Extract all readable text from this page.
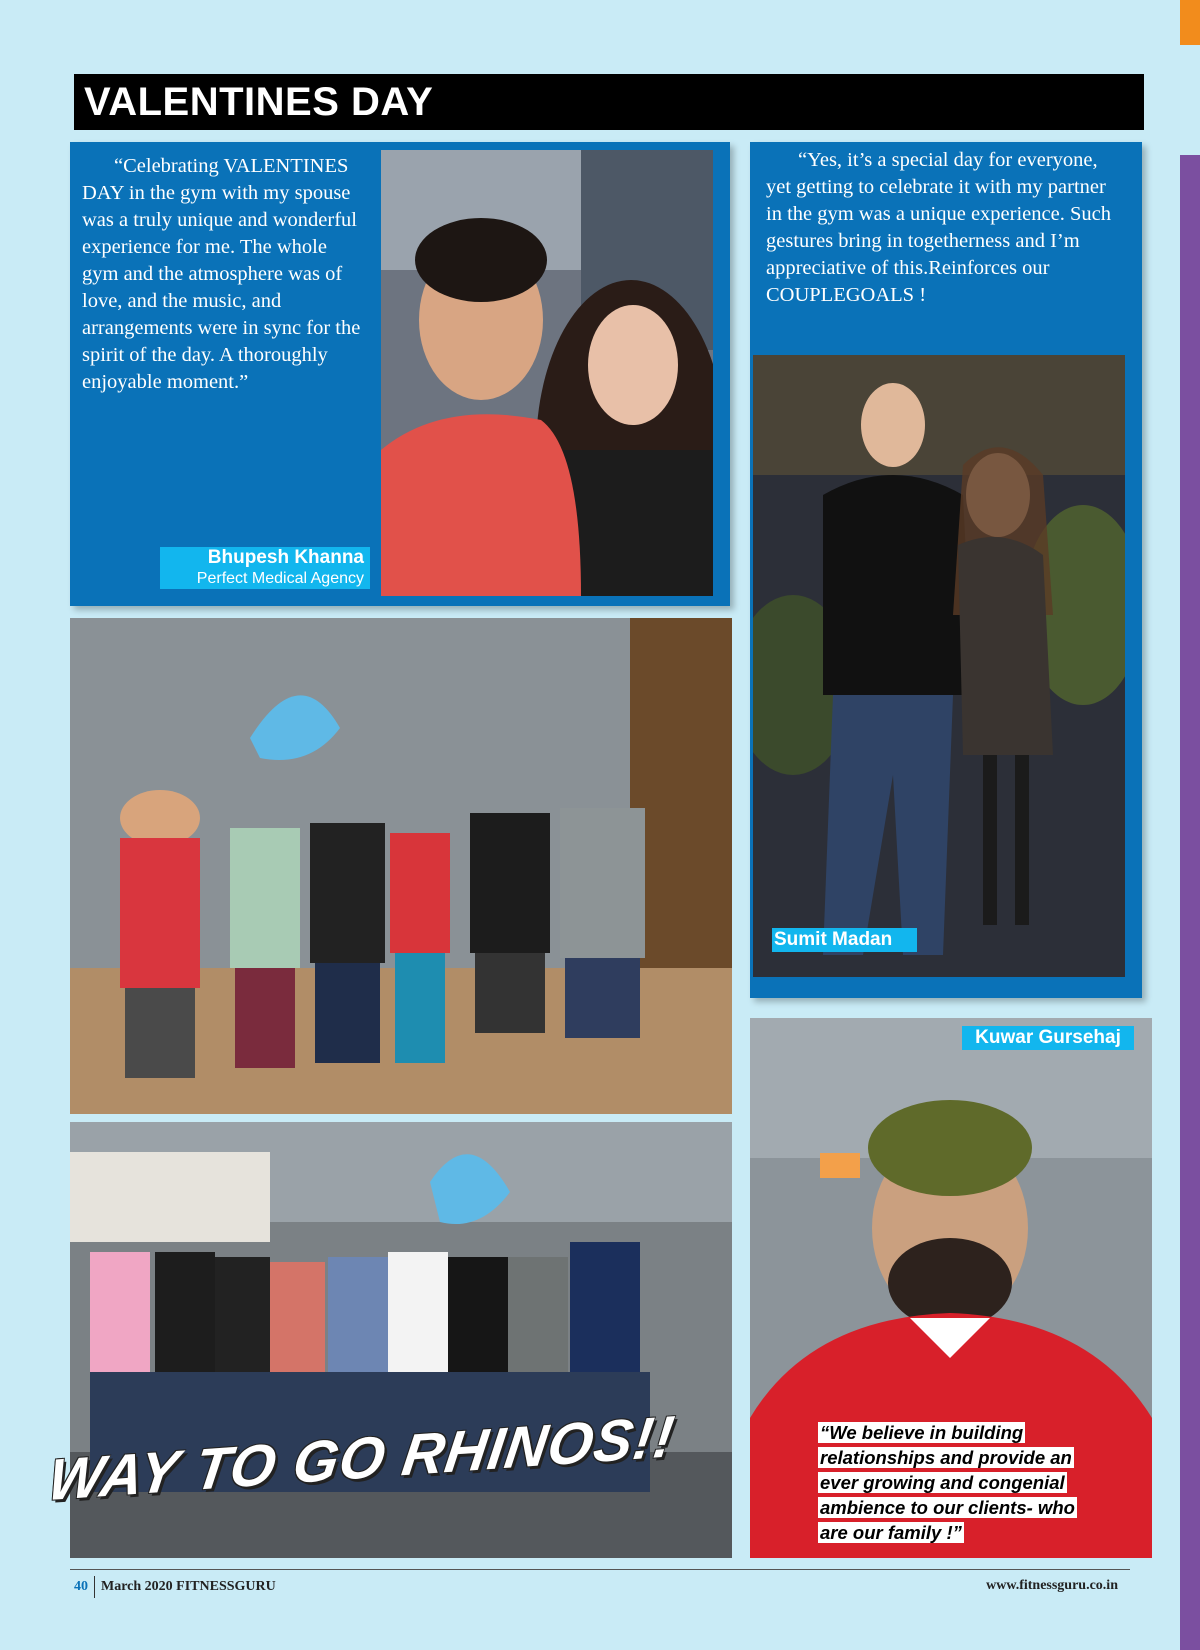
VALENTINES DAY

“Celebrating VALENTINES DAY in the gym with my spouse was a truly unique and wonderful experience for me. The whole gym and the atmosphere was of love, and the music, and arrangements were in sync for the spirit of the day. A thoroughly enjoyable moment.”

Bhupesh Khanna
Perfect Medical Agency

“Yes, it’s a special day for everyone, yet getting to celebrate it with my partner in the gym was a unique experience. Such gestures bring in togetherness and I’m appreciative of this.Reinforces our COUPLEGOALS !

Sumit Madan
WAY TO GO RHINOS!!
Kuwar Gursehaj
“We believe in building
relationships and provide an
ever growing and congenial
ambience to our clients- who
are our family !”
40 March 2020 FITNESSGURU	www.fitnessguru.co.in
